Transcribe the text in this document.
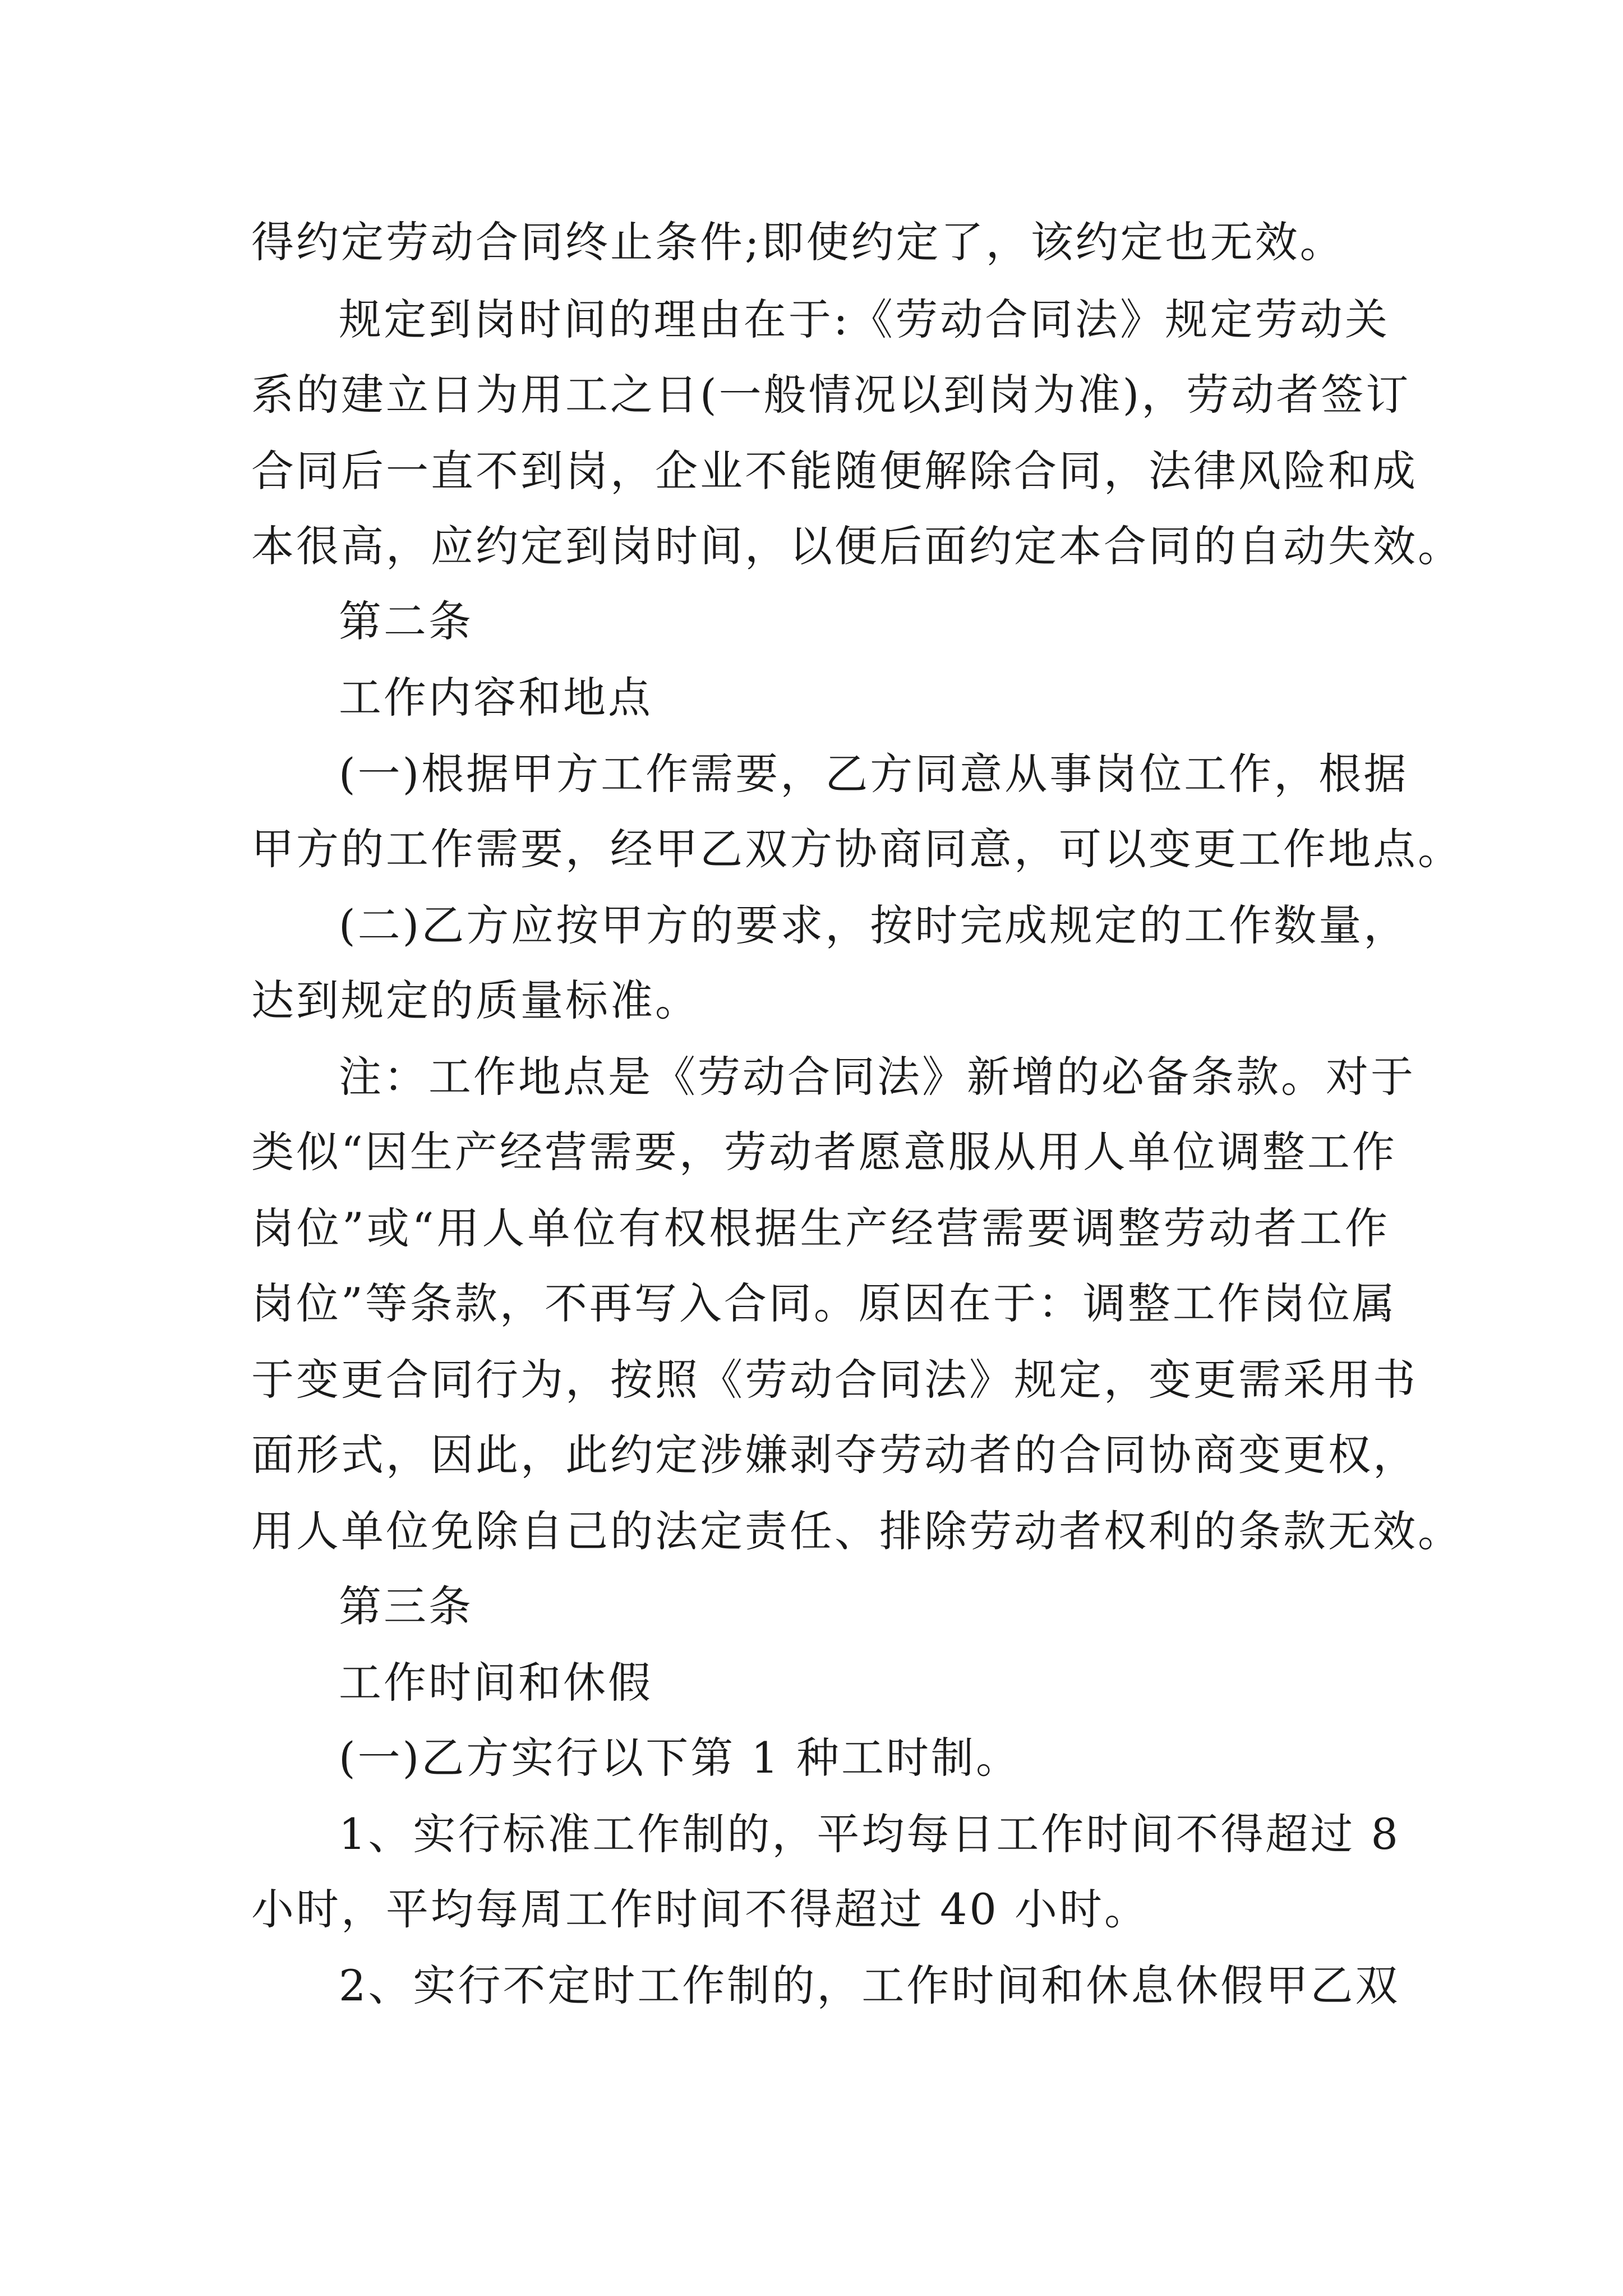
得约定劳动合同终止条件;即使约定了，该约定也无效。
规定到岗时间的理由在于:《劳动合同法》规定劳动关
系的建立日为用工之日(一般情况以到岗为准)，劳动者签订
合同后一直不到岗，企业不能随便解除合同，法律风险和成
本很高，应约定到岗时间，以便后面约定本合同的自动失效。
第二条
工作内容和地点
(一)根据甲方工作需要，乙方同意从事岗位工作，根据
甲方的工作需要，经甲乙双方协商同意，可以变更工作地点。
(二)乙方应按甲方的要求，按时完成规定的工作数量，
达到规定的质量标准。
注：工作地点是《劳动合同法》新增的必备条款。对于
类似“因生产经营需要，劳动者愿意服从用人单位调整工作
岗位”或“用人单位有权根据生产经营需要调整劳动者工作
岗位”等条款，不再写入合同。原因在于：调整工作岗位属
于变更合同行为，按照《劳动合同法》规定，变更需采用书
面形式，因此，此约定涉嫌剥夺劳动者的合同协商变更权，
用人单位免除自己的法定责任、排除劳动者权利的条款无效。
第三条
工作时间和休假
(一)乙方实行以下第 1 种工时制。
1、实行标准工作制的，平均每日工作时间不得超过 8
小时，平均每周工作时间不得超过 40 小时。
2、实行不定时工作制的，工作时间和休息休假甲乙双
